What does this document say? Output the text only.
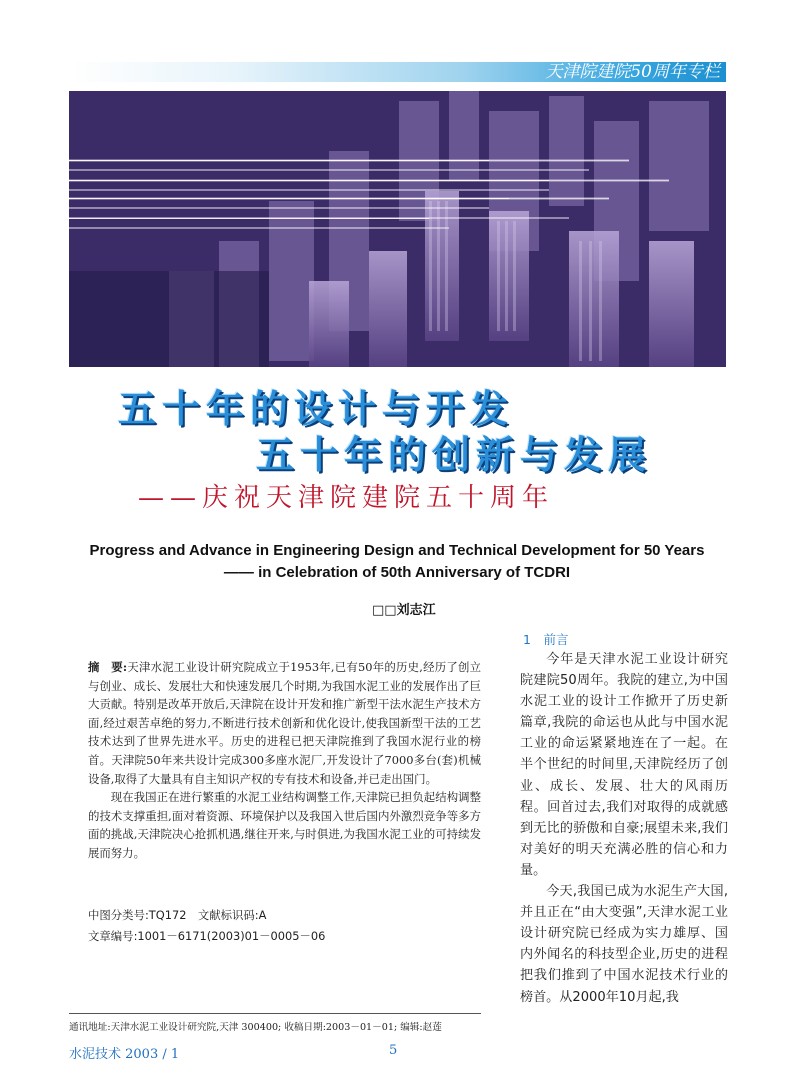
天津院建院50周年专栏
五十年的设计与开发
五十年的创新与发展
——庆祝天津院建院五十周年
Progress and Advance in Engineering Design and Technical Development for 50 Years
—— in Celebration of 50th Anniversary of TCDRI
□□刘志江

摘　要:天津水泥工业设计研究院成立于1953年,已有50年的历史,经历了创立与创业、成长、发展壮大和快速发展几个时期,为我国水泥工业的发展作出了巨大贡献。特别是改革开放后,天津院在设计开发和推广新型干法水泥生产技术方面,经过艰苦卓绝的努力,不断进行技术创新和优化设计,使我国新型干法的工艺技术达到了世界先进水平。历史的进程已把天津院推到了我国水泥行业的榜首。天津院50年来共设计完成300多座水泥厂,开发设计了7000多台(套)机械设备,取得了大量具有自主知识产权的专有技术和设备,并已走出国门。

现在我国正在进行繁重的水泥工业结构调整工作,天津院已担负起结构调整的技术支撑重担,面对着资源、环境保护以及我国入世后国内外激烈竞争等多方面的挑战,天津院决心抢抓机遇,继往开来,与时俱进,为我国水泥工业的可持续发展而努力。

中图分类号:TQ172　文献标识码:A
文章编号:1001－6171(2003)01－0005－06
1　前言

今年是天津水泥工业设计研究院建院50周年。我院的建立,为中国水泥工业的设计工作掀开了历史新篇章,我院的命运也从此与中国水泥工业的命运紧紧地连在了一起。在半个世纪的时间里,天津院经历了创业、成长、发展、壮大的风雨历程。回首过去,我们对取得的成就感到无比的骄傲和自豪;展望未来,我们对美好的明天充满必胜的信心和力量。

今天,我国已成为水泥生产大国,并且正在“由大变强”,天津水泥工业设计研究院已经成为实力雄厚、国内外闻名的科技型企业,历史的进程把我们推到了中国水泥技术行业的榜首。从2000年10月起,我

通讯地址:天津水泥工业设计研究院,天津 300400; 收稿日期:2003－01－01; 编辑:赵莲
水泥技术 2003 / 1	5
